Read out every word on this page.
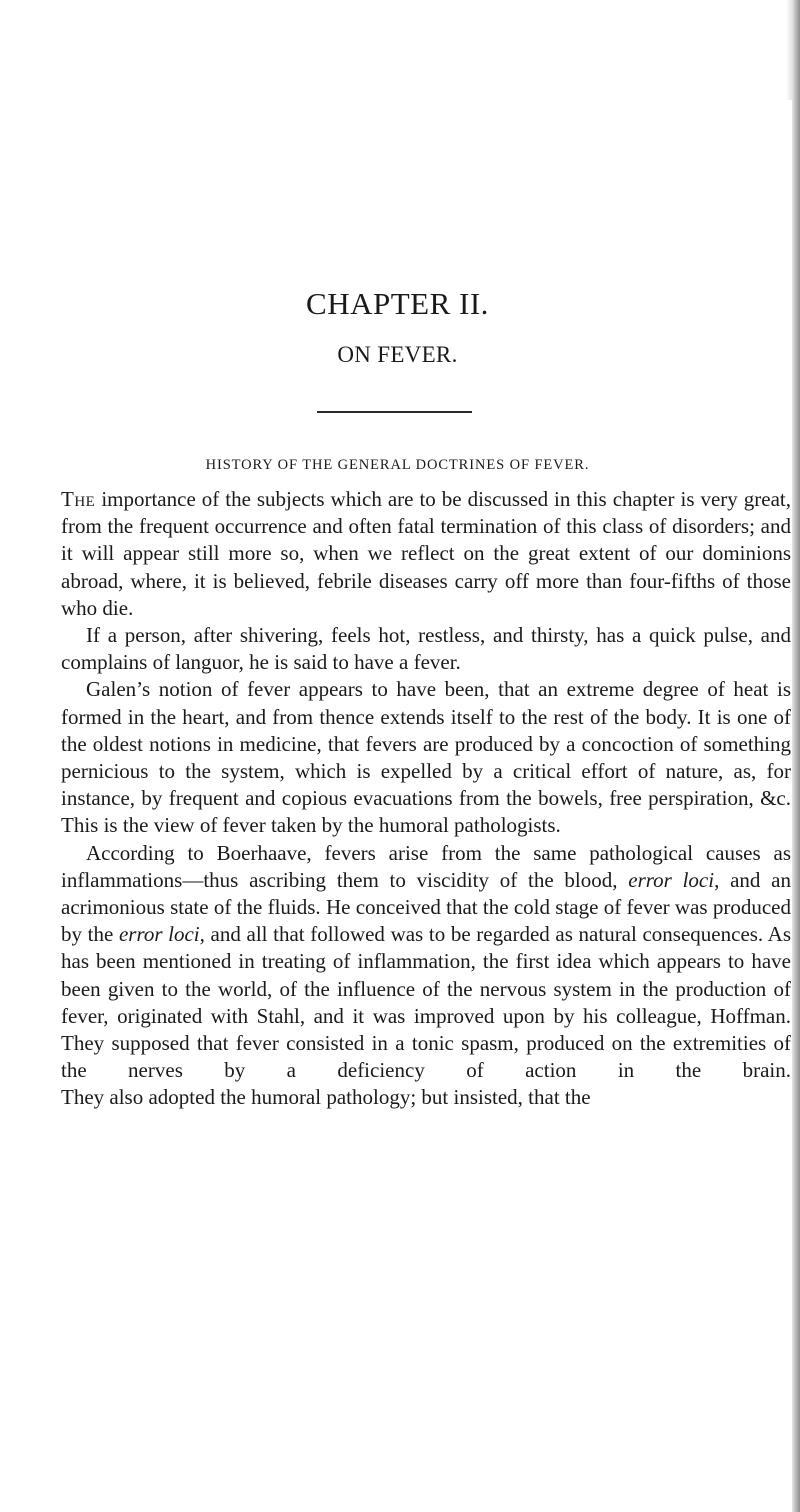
CHAPTER II.
ON FEVER.
HISTORY OF THE GENERAL DOCTRINES OF FEVER.

The importance of the subjects which are to be discussed in this chapter is very great, from the frequent occurrence and often fatal termination of this class of disorders; and it will appear still more so, when we reflect on the great extent of our dominions abroad, where, it is believed, febrile diseases carry off more than four-fifths of those who die.

If a person, after shivering, feels hot, restless, and thirsty, has a quick pulse, and complains of languor, he is said to have a fever.

Galen’s notion of fever appears to have been, that an extreme degree of heat is formed in the heart, and from thence extends itself to the rest of the body. It is one of the oldest notions in medicine, that fevers are produced by a concoction of something pernicious to the system, which is expelled by a critical effort of nature, as, for instance, by frequent and copious evacuations from the bowels, free perspiration, &c. This is the view of fever taken by the humoral pathologists.

According to Boerhaave, fevers arise from the same pathological causes as inflammations—thus ascribing them to viscidity of the blood, error loci, and an acrimonious state of the fluids. He conceived that the cold stage of fever was produced by the error loci, and all that followed was to be regarded as natural consequences. As has been mentioned in treating of inflammation, the first idea which appears to have been given to the world, of the influence of the nervous system in the production of fever, originated with Stahl, and it was improved upon by his colleague, Hoffman. They supposed that fever consisted in a tonic spasm, produced on the extremities of the nerves by a deficiency of action in the brain. They also adopted the humoral pathology; but insisted, that the
